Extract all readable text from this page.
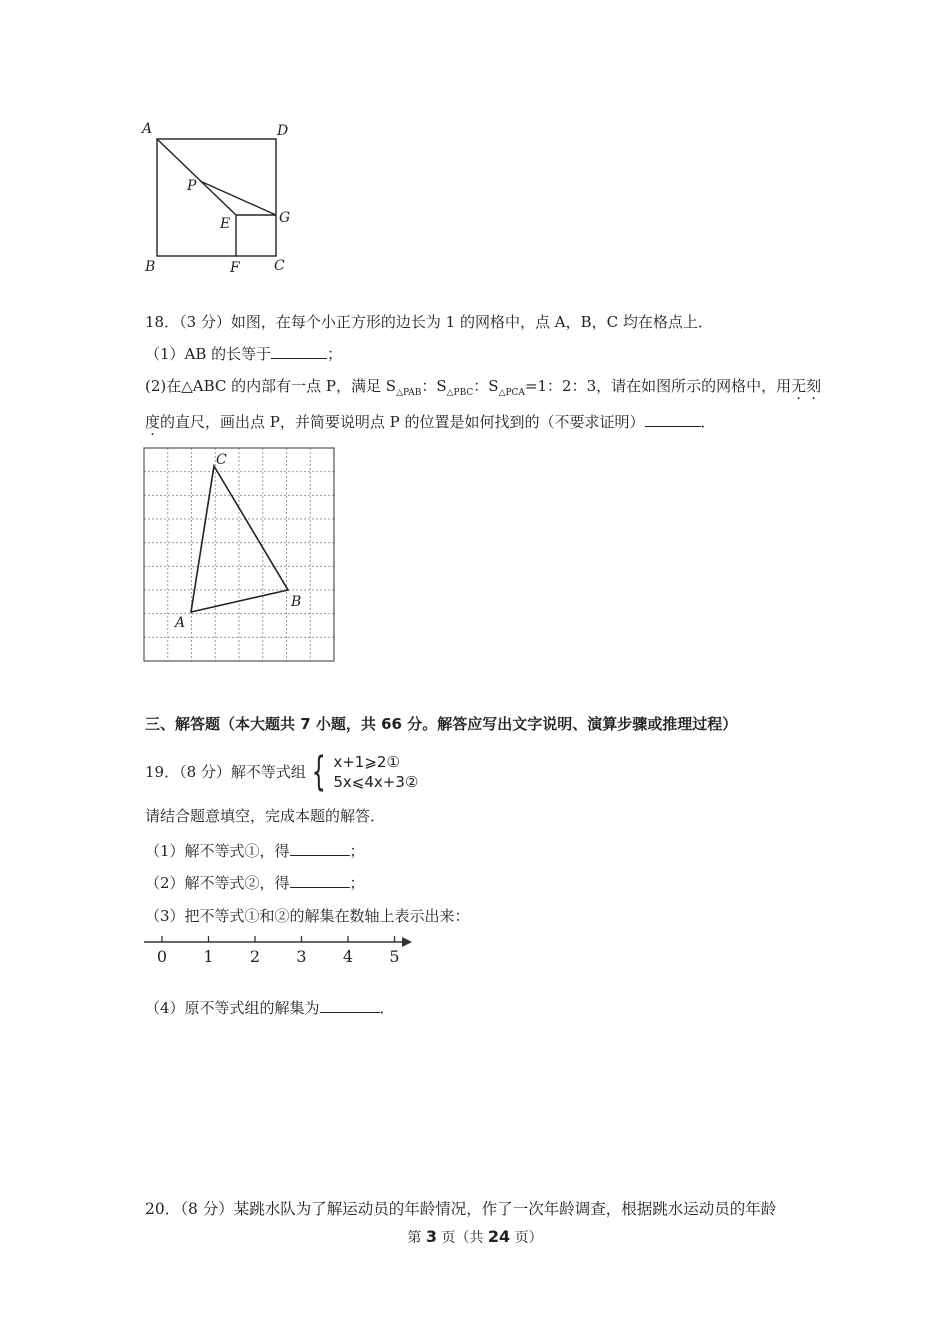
A	D
P
E	G
B	F C
18．（3 分）如图，在每个小正方形的边长为 1 的网格中，点 A，B，C 均在格点上．
（1）AB 的长等于	；
(2)在△ABC 的内部有一点 P，满足 $S_{\triangle PAB}$：$S_{\triangle PBC}$：$S_{\triangle PCA}=1$：2：3，请在如图所示的网格中，用无刻
度的直尺，画出点 P，并简要说明点 P 的位置是如何找到的（不要求证明）	．
C
B
A
三、解答题（本大题共 7 小题，共 66 分。解答应写出文字说明、演算步骤或推理过程）
19．（8 分）解不等式组 { x+1⩾2①
5x⩽4x+3②
请结合题意填空，完成本题的解答．
（1）解不等式①，得	；
（2）解不等式②，得	；
（3）把不等式①和②的解集在数轴上表示出来：
0 1 2 3 4 5
（4）原不等式组的解集为	．
20．（8 分）某跳水队为了解运动员的年龄情况，作了一次年龄调查，根据跳水运动员的年龄
第 3 页（共 24 页）
